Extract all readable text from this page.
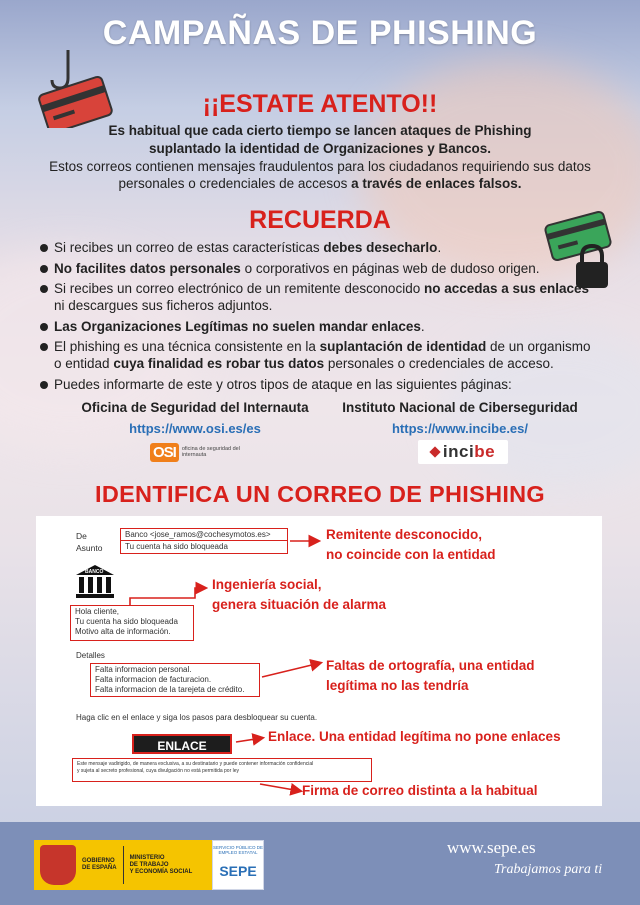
CAMPAÑAS DE PHISHING
¡¡ESTATE ATENTO!!
Es habitual que cada cierto tiempo se lancen ataques de Phishing
suplantado la identidad de Organizaciones y Bancos.
Estos correos contienen mensajes fraudulentos para los ciudadanos requiriendo sus datos personales o credenciales de accesos a través de enlaces falsos.
RECUERDA
Si recibes un correo de estas características debes desecharlo.
No facilites datos personales o corporativos en páginas web de dudoso origen.
Si recibes un correo electrónico de un remitente desconocido no accedas a sus enlaces ni descargues sus ficheros adjuntos.
Las Organizaciones Legítimas no suelen mandar enlaces.
El phishing es una técnica consistente en la suplantación de identidad de un organismo o entidad cuya finalidad es robar tus datos personales o credenciales de acceso.
Puedes informarte de este y otros tipos de ataque en las siguientes páginas:
Oficina de Seguridad del Internauta
https://www.osi.es/es
Instituto Nacional de Ciberseguridad
https://www.incibe.es/
OSI	oficina de seguridad del internauta	incibe
IDENTIFICA UN CORREO DE PHISHING
De
Asunto
Banco <jose_ramos@cochesymotos.es>
Tu cuenta ha sido bloqueada
Remitente desconocido,
no coincide con la entidad
BANCO
Ingeniería social,
genera situación de alarma
Hola cliente,
Tu cuenta ha sido bloqueada
Motivo alta de información.
Detalles
Falta informacion personal.
Falta informacion de facturacion.
Falta informacion de la tarejeta de crédito.
Faltas de ortografía, una entidad
legítima no las tendría
Haga clic en el enlace y siga los pasos para desbloquear su cuenta.
ENLACE
Enlace. Una entidad legítima no pone enlaces
Este mensaje vadirigido, de manera exclusiva, a su destinatario y puede contener información confidencial
y sujeta al secreto profesional, cuya divulgación no está permitida por ley
Firma de correo distinta a la habitual
GOBIERNO
DE ESPAÑA
MINISTERIO
DE TRABAJO
Y ECONOMÍA SOCIAL
SERVICIO PÚBLICO DE EMPLEO ESTATAL
SEPE
www.sepe.es
Trabajamos para ti
